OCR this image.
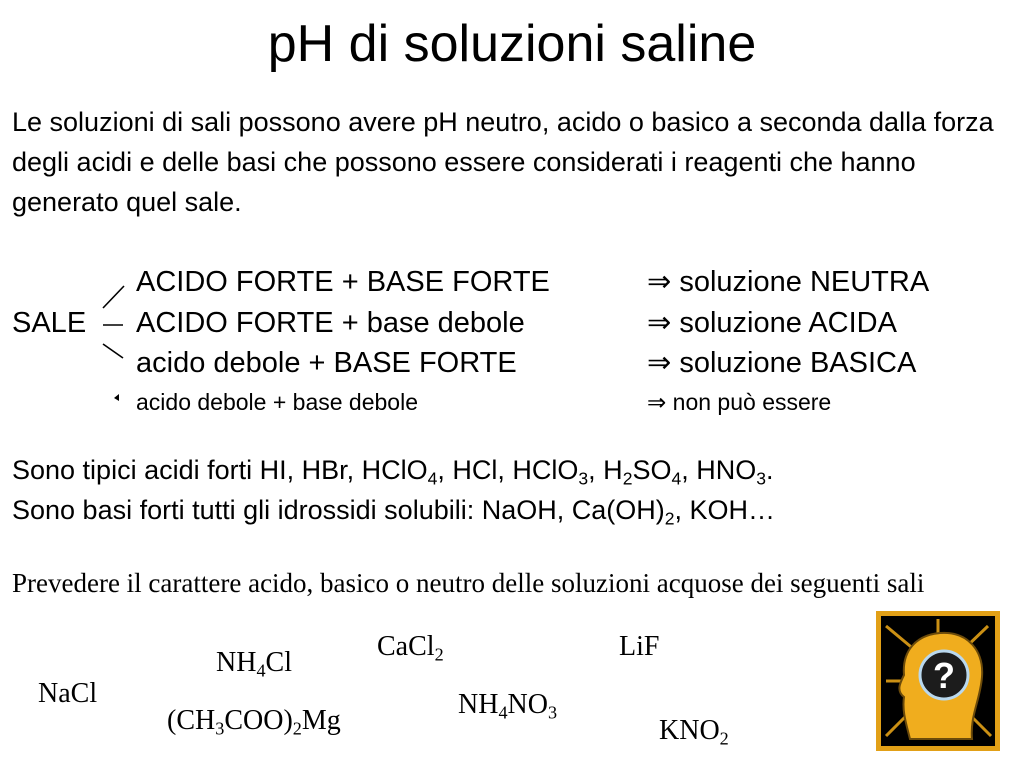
pH di soluzioni saline
Le soluzioni di sali possono avere pH neutro, acido o basico a seconda dalla forza degli acidi e delle basi che possono essere considerati i reagenti che hanno generato quel sale.
SALE
ACIDO FORTE + BASE FORTE	⇒ soluzione NEUTRA
ACIDO FORTE + base debole	⇒ soluzione ACIDA
acido debole + BASE FORTE	⇒ soluzione BASICA
acido debole + base debole	⇒ non può essere
Sono tipici acidi forti HI, HBr, HClO$_4$, HCl, HClO$_3$, $H_2SO_4$, $HNO_3$.
Sono basi forti tutti gli idrossidi solubili: NaOH, $Ca(OH)_2$, KOH…
Prevedere il carattere acido, basico o neutro delle soluzioni acquose dei seguenti sali
CaCl$_2$	LiF
$NH_4Cl$
NaCl	$NH_4NO_3$
$(CH_3COO)_2Mg$	$KNO_2$
?
